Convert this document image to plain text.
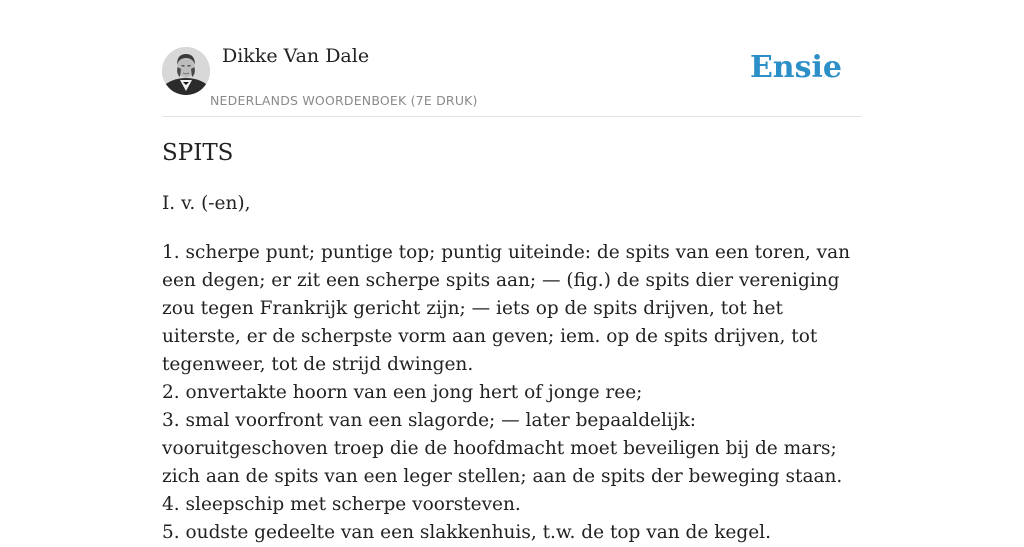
Dikke Van Dale
NEDERLANDS WOORDENBOEK (7E DRUK)
Ensie
SPITS

I. v. (-en),

1. scherpe punt; puntige top; puntig uiteinde: de spits van een toren, van een degen; er zit een scherpe spits aan; — (fig.) de spits dier vereniging zou tegen Frankrijk gericht zijn; — iets op de spits drijven, tot het uiterste, er de scherpste vorm aan geven; iem. op de spits drijven, tot tegenweer, tot de strijd dwingen.
2. onvertakte hoorn van een jong hert of jonge ree;
3. smal voorfront van een slagorde; — later bepaaldelijk: vooruitgeschoven troep die de hoofdmacht moet beveiligen bij de mars; zich aan de spits van een leger stellen; aan de spits der beweging staan.
4. sleepschip met scherpe voorsteven.
5. oudste gedeelte van een slakkenhuis, t.w. de top van de kegel.
